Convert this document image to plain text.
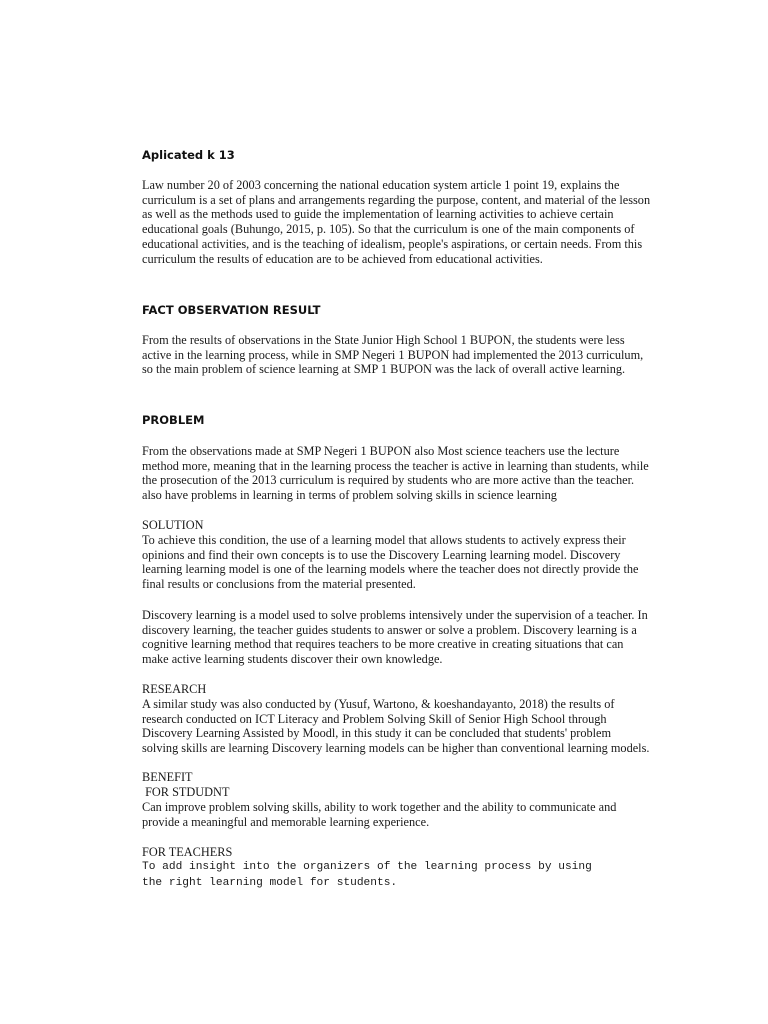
Aplicated k 13
Law number 20 of 2003 concerning the national education system article 1 point 19, explains the
curriculum is a set of plans and arrangements regarding the purpose, content, and material of the lesson
as well as the methods used to guide the implementation of learning activities to achieve certain
educational goals (Buhungo, 2015, p. 105). So that the curriculum is one of the main components of
educational activities, and is the teaching of idealism, people's aspirations, or certain needs. From this
curriculum the results of education are to be achieved from educational activities.
FACT OBSERVATION RESULT
From the results of observations in the State Junior High School 1 BUPON, the students were less
active in the learning process, while in SMP Negeri 1 BUPON had implemented the 2013 curriculum,
so the main problem of science learning at SMP 1 BUPON was the lack of overall active learning.
PROBLEM
From the observations made at SMP Negeri 1 BUPON also Most science teachers use the lecture
method more, meaning that in the learning process the teacher is active in learning than students, while
the prosecution of the 2013 curriculum is required by students who are more active than the teacher.
also have problems in learning in terms of problem solving skills in science learning
SOLUTION
To achieve this condition, the use of a learning model that allows students to actively express their
opinions and find their own concepts is to use the Discovery Learning learning model. Discovery
learning learning model is one of the learning models where the teacher does not directly provide the
final results or conclusions from the material presented.
Discovery learning is a model used to solve problems intensively under the supervision of a teacher. In
discovery learning, the teacher guides students to answer or solve a problem. Discovery learning is a
cognitive learning method that requires teachers to be more creative in creating situations that can
make active learning students discover their own knowledge.
RESEARCH
A similar study was also conducted by (Yusuf, Wartono, & koeshandayanto, 2018) the results of
research conducted on ICT Literacy and Problem Solving Skill of Senior High School through
Discovery Learning Assisted by Moodl, in this study it can be concluded that students' problem
solving skills are learning Discovery learning models can be higher than conventional learning models.
BENEFIT
FOR STDUDNT
Can improve problem solving skills, ability to work together and the ability to communicate and
provide a meaningful and memorable learning experience.
FOR TEACHERS
To add insight into the organizers of the learning process by using
the right learning model for students.
